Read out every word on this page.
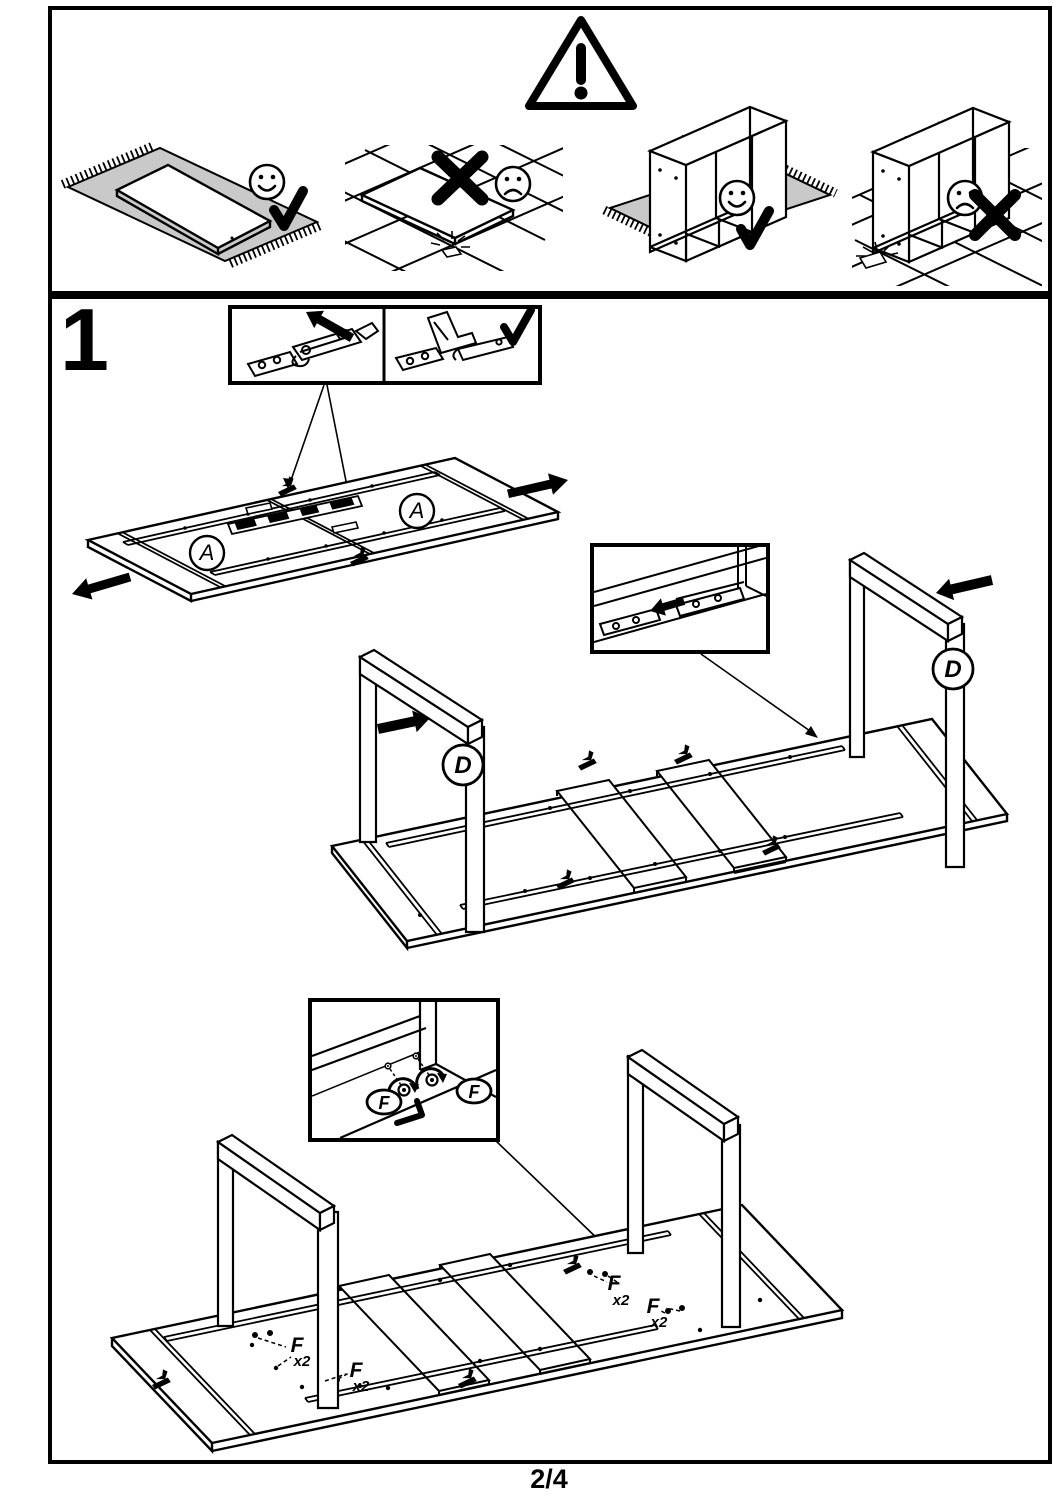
1
A
A
D
D
F
F
F
x2 F
x2
F
x2 F
x2
2/4
